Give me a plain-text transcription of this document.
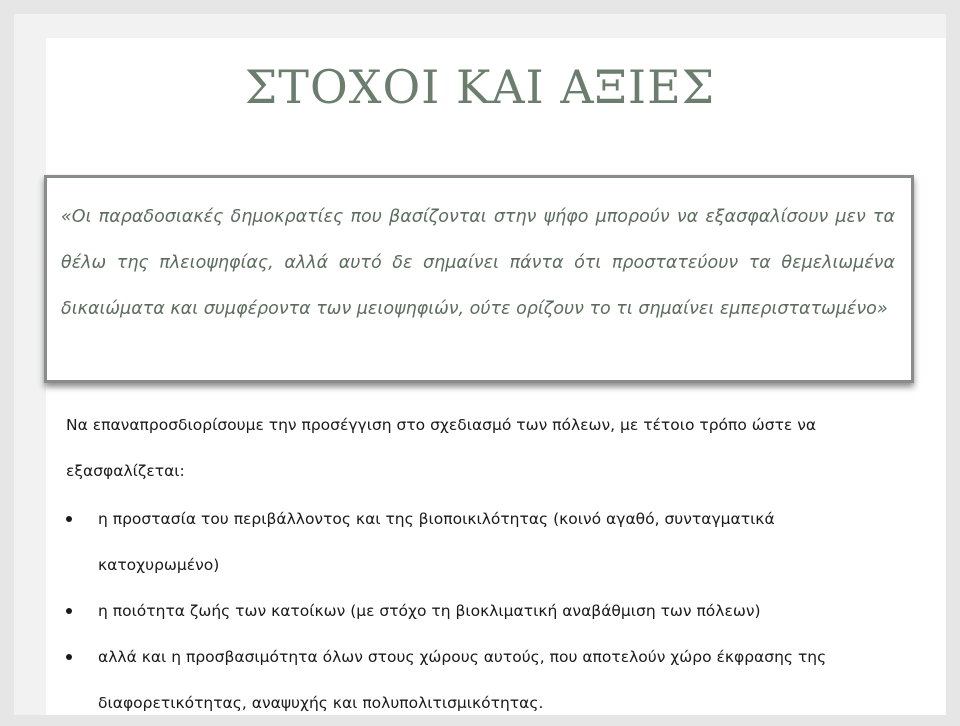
ΣΤΟΧΟΙ ΚΑΙ ΑΞΙΕΣ

«Οι παραδοσιακές δημοκρατίες που βασίζονται στην ψήφο μπορούν να εξασφαλίσουν μεν τα θέλω της πλειοψηφίας, αλλά αυτό δε σημαίνει πάντα ότι προστατεύουν τα θεμελιωμένα δικαιώματα και συμφέροντα των μειοψηφιών, ούτε ορίζουν το τι σημαίνει εμπεριστατωμένο»

Να επαναπροσδιορίσουμε την προσέγγιση στο σχεδιασμό των πόλεων, με τέτοιο τρόπο ώστε να εξασφαλίζεται:

η προστασία του περιβάλλοντος και της βιοποικιλότητας (κοινό αγαθό, συνταγματικά κατοχυρωμένο)
η ποιότητα ζωής των κατοίκων (με στόχο τη βιοκλιματική αναβάθμιση των πόλεων)
αλλά και η προσβασιμότητα όλων στους χώρους αυτούς, που αποτελούν χώρο έκφρασης της διαφορετικότητας, αναψυχής και πολυπολιτισμικότητας.
